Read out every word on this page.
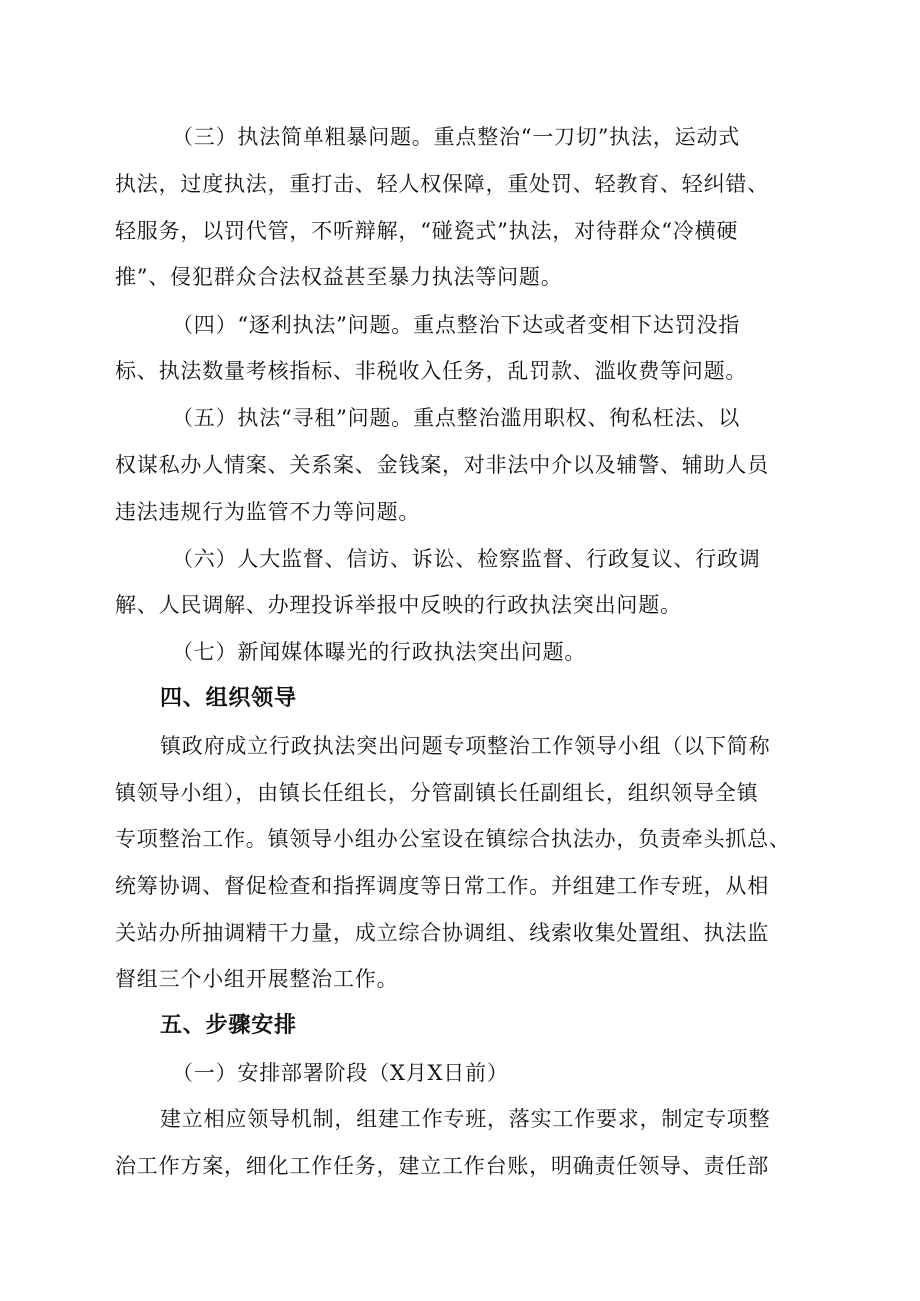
（三）执法简单粗暴问题。重点整治“一刀切”执法，运动式
执法，过度执法，重打击、轻人权保障，重处罚、轻教育、轻纠错、
轻服务，以罚代管，不听辩解，“碰瓷式”执法，对待群众“冷横硬
推”、侵犯群众合法权益甚至暴力执法等问题。
（四）“逐利执法”问题。重点整治下达或者变相下达罚没指
标、执法数量考核指标、非税收入任务，乱罚款、滥收费等问题。
（五）执法“寻租”问题。重点整治滥用职权、徇私枉法、以
权谋私办人情案、关系案、金钱案，对非法中介以及辅警、辅助人员
违法违规行为监管不力等问题。
（六）人大监督、信访、诉讼、检察监督、行政复议、行政调
解、人民调解、办理投诉举报中反映的行政执法突出问题。
（七）新闻媒体曝光的行政执法突出问题。
四、组织领导
镇政府成立行政执法突出问题专项整治工作领导小组（以下简称
镇领导小组），由镇长任组长，分管副镇长任副组长，组织领导全镇
专项整治工作。镇领导小组办公室设在镇综合执法办，负责牵头抓总、
统筹协调、督促检查和指挥调度等日常工作。并组建工作专班，从相
关站办所抽调精干力量，成立综合协调组、线索收集处置组、执法监
督组三个小组开展整治工作。
五、步骤安排
（一）安排部署阶段（X月X日前）
建立相应领导机制，组建工作专班，落实工作要求，制定专项整
治工作方案，细化工作任务，建立工作台账，明确责任领导、责任部
